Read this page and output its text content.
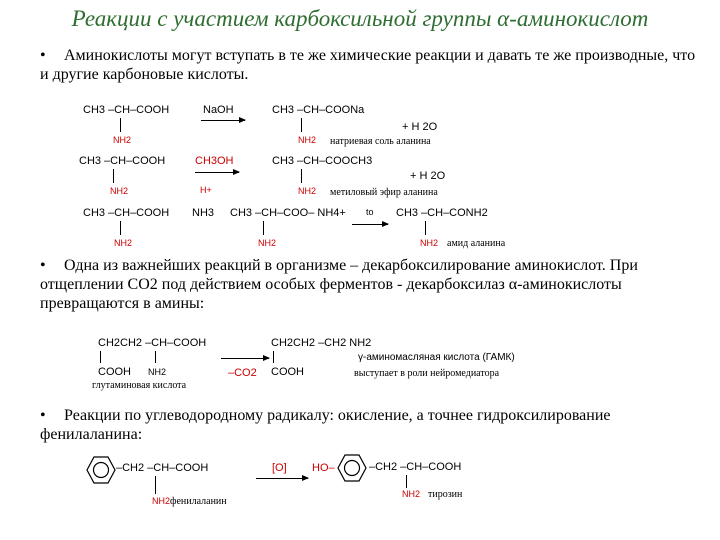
Реакции с участием карбоксильной группы α-аминокислот
• Аминокислоты могут вступать в те же химические реакции и давать те же производные, что и другие карбоновые кислоты.
CH3 –CH–COOH
NH2
NaOH	CH3 –CH–COONa
+ H 2O
NH2 натриевая соль аланина
CH3 –CH–COOH
NH2
CH3OH
H+
CH3 –CH–COOCH3
+ H 2O
NH2 метиловый эфир аланина
CH3 –CH–COOH
NH2
NH3 CH3 –CH–COO– NH4+
NH2
to CH3 –CH–CONH2
NH2 амид аланина
• Одна из важнейших реакций в организме – декарбоксилирование аминокислот. При отщеплении CO2 под действием особых ферментов - декарбоксилаз α-аминокислоты превращаются в амины:
CH2CH2 –CH–COOH
COOH NH2
глутаминовая кислота
–CO2
CH2CH2 –CH2 NH2
COOH
γ-аминомасляная кислота (ГАМК)
выступает в роли нейромедиатора
• Реакции по углеводородному радикалу: окисление, а точнее гидроксилирование фенилаланина:
–CH2 –CH–COOH
NH2 фенилаланин
[O] HO–	–CH2 –CH–COOH
NH2 тирозин
